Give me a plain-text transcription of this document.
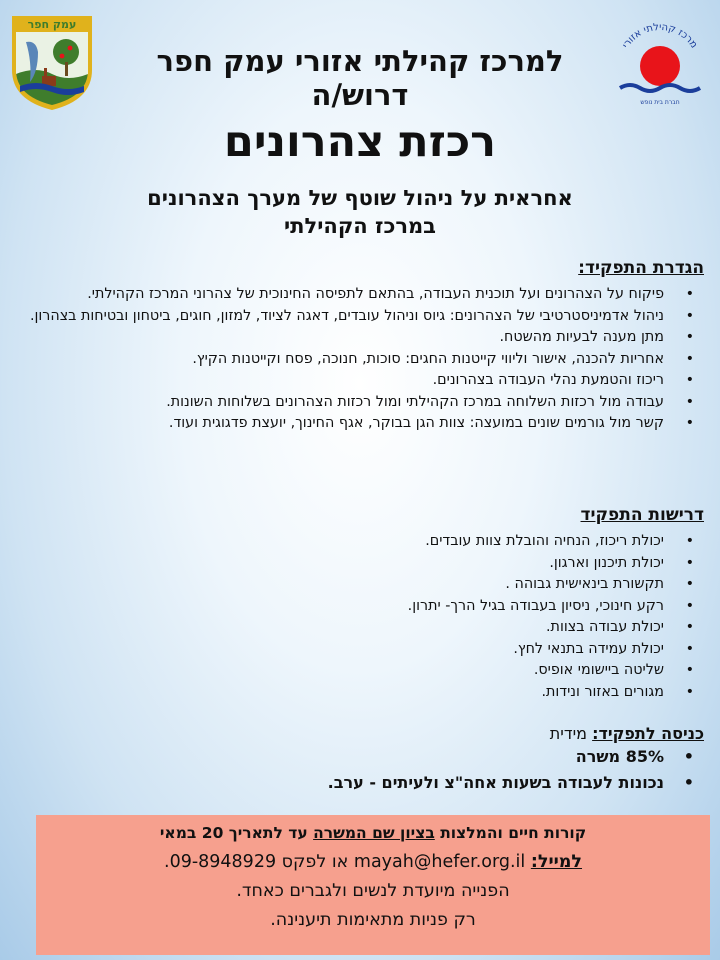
עמק חפר
מרכז קהילתי אזורי
חברת בית נופש
למרכז קהילתי אזורי עמק חפר
דרוש/ה
רכזת צהרונים
אחראית על ניהול שוטף של מערך הצהרונים
במרכז הקהילתי
הגדרת התפקיד:
• פיקוח על הצהרונים ועל תוכנית העבודה, בהתאם לתפיסה החינוכית של צהרוני המרכז הקהילתי.
• ניהול אדמיניסטרטיבי של הצהרונים: גיוס וניהול עובדים, דאגה לציוד, למזון, חוגים, ביטחון ובטיחות בצהרון.
• מתן מענה לבעיות מהשטח.
• אחריות להכנה, אישור וליווי קייטנות החגים: סוכות, חנוכה, פסח וקייטנות הקיץ.
• ריכוז והטמעת נהלי העבודה בצהרונים.
• עבודה מול רכזות השלוחה במרכז הקהילתי ומול רכזות הצהרונים בשלוחות השונות.
• קשר מול גורמים שונים במועצה: צוות הגן בבוקר, אגף החינוך, יועצת פדגוגית ועוד.
דרישות התפקיד
• יכולת ריכוז, הנחיה והובלת צוות עובדים.
• יכולת תיכנון וארגון.
• תקשורת בינאישית גבוהה .
• רקע חינוכי, ניסיון בעבודה בגיל הרך- יתרון.
• יכולת עבודה בצוות.
• יכולת עמידה בתנאי לחץ.
• שליטה ביישומי אופיס.
• מגורים באזור ונידות.
כניסה לתפקיד: מידית
• 85% משרה
• נכונות לעבודה בשעות אחה"צ ולעיתים - ערב.
קורות חיים והמלצות בציון שם המשרה עד לתאריך 20 במאי
למייל: mayah@hefer.org.il או לפקס 09-8948929.
הפנייה מיועדת לנשים ולגברים כאחד.
רק פניות מתאימות תיענינה.
